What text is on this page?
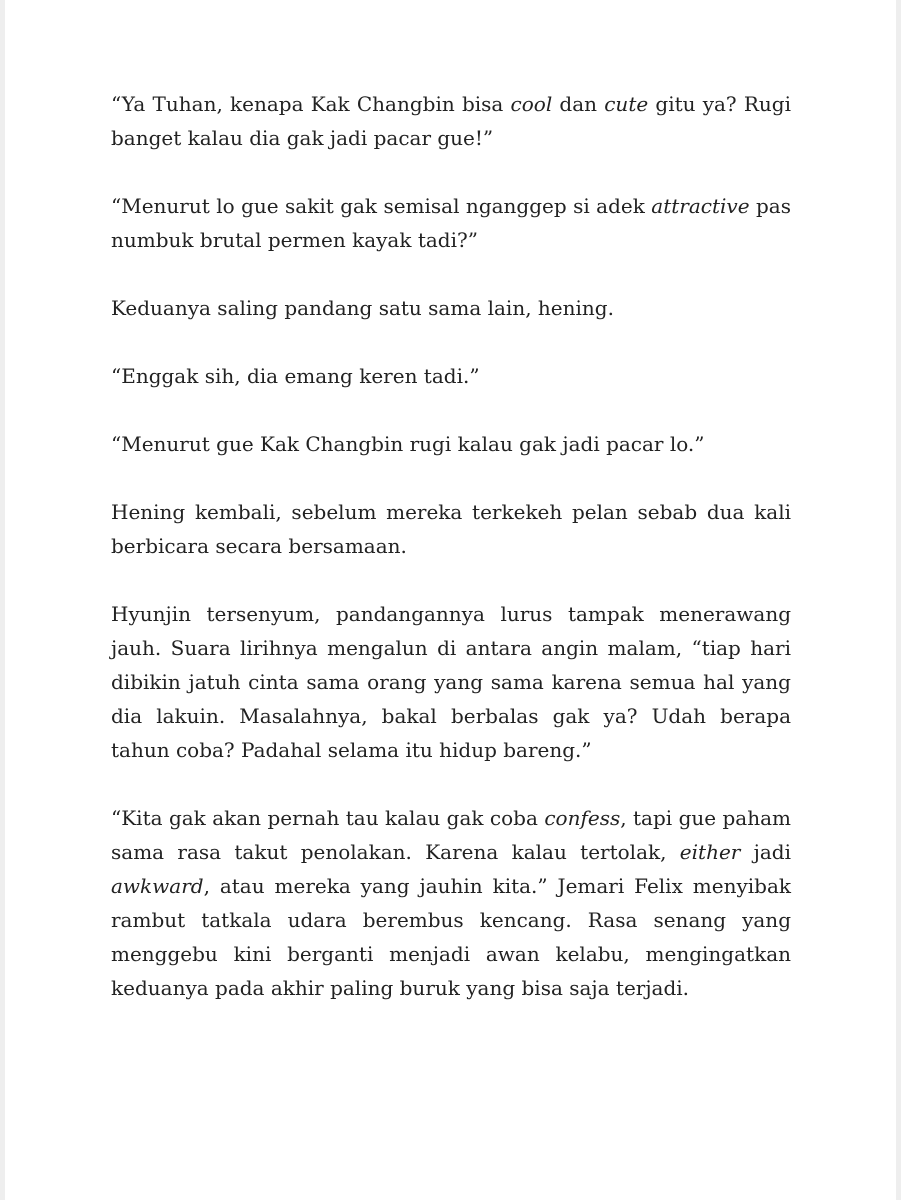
“Ya Tuhan, kenapa Kak Changbin bisa cool dan cute gitu ya? Rugi banget kalau dia gak jadi pacar gue!”

“Menurut lo gue sakit gak semisal nganggep si adek attractive pas numbuk brutal permen kayak tadi?”

Keduanya saling pandang satu sama lain, hening.

“Enggak sih, dia emang keren tadi.”

“Menurut gue Kak Changbin rugi kalau gak jadi pacar lo.”

Hening kembali, sebelum mereka terkekeh pelan sebab dua kali berbicara secara bersamaan.

Hyunjin tersenyum, pandangannya lurus tampak menerawang jauh. Suara lirihnya mengalun di antara angin malam, “tiap hari dibikin jatuh cinta sama orang yang sama karena semua hal yang dia lakuin. Masalahnya, bakal berbalas gak ya? Udah berapa tahun coba? Padahal selama itu hidup bareng.”

“Kita gak akan pernah tau kalau gak coba confess, tapi gue paham sama rasa takut penolakan. Karena kalau tertolak, either jadi awkward, atau mereka yang jauhin kita.” Jemari Felix menyibak rambut tatkala udara berembus kencang. Rasa senang yang menggebu kini berganti menjadi awan kelabu, mengingatkan keduanya pada akhir paling buruk yang bisa saja terjadi.
